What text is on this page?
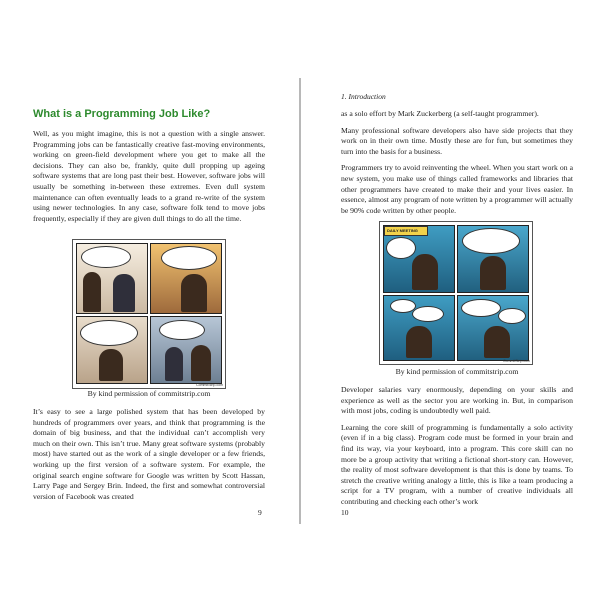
What is a Programming Job Like?

Well, as you might imagine, this is not a question with a single answer. Programming jobs can be fantastically creative fast-moving environments, working on green-field development where you get to make all the decisions. They can also be, frankly, quite dull propping up ageing software systems that are long past their best. However, software jobs will usually be something in-between these extremes. Even dull system maintenance can often eventually leads to a grand re-write of the system using newer technologies. In any case, software folk tend to move jobs frequently, especially if they are given dull things to do all the time.

CommitStrip.com
By kind permission of commitstrip.com

It’s easy to see a large polished system that has been developed by hundreds of programmers over years, and think that programming is the domain of big business, and that the individual can’t accomplish very much on their own. This isn’t true. Many great software systems (probably most) have started out as the work of a single developer or a few friends, working up the first version of a software system. For example, the original search engine software for Google was written by Scott Hassan, Larry Page and Sergey Brin. Indeed, the first and somewhat controversial version of Facebook was created

9
1. Introduction

as a solo effort by Mark Zuckerberg (a self-taught programmer).

Many professional software developers also have side projects that they work on in their own time. Mostly these are for fun, but sometimes they turn into the basis for a business.

Programmers try to avoid reinventing the wheel. When you start work on a new system, you make use of things called frameworks and libraries that other programmers have created to make their and your lives easier. In essence, almost any program of note written by a programmer will actually be 90% code written by other people.

DAILY MEETING
CommitStrip.com
By kind permission of commitstrip.com

Developer salaries vary enormously, depending on your skills and experience as well as the sector you are working in. But, in comparison with most jobs, coding is undoubtedly well paid.

Learning the core skill of programming is fundamentally a solo activity (even if in a big class). Program code must be formed in your brain and find its way, via your keyboard, into a program. This core skill can no more be a group activity that writing a fictional short-story can. However, the reality of most software development is that this is done by teams. To stretch the creative writing analogy a little, this is like a team producing a script for a TV program, with a number of creative individuals all contributing and checking each other’s work

10
